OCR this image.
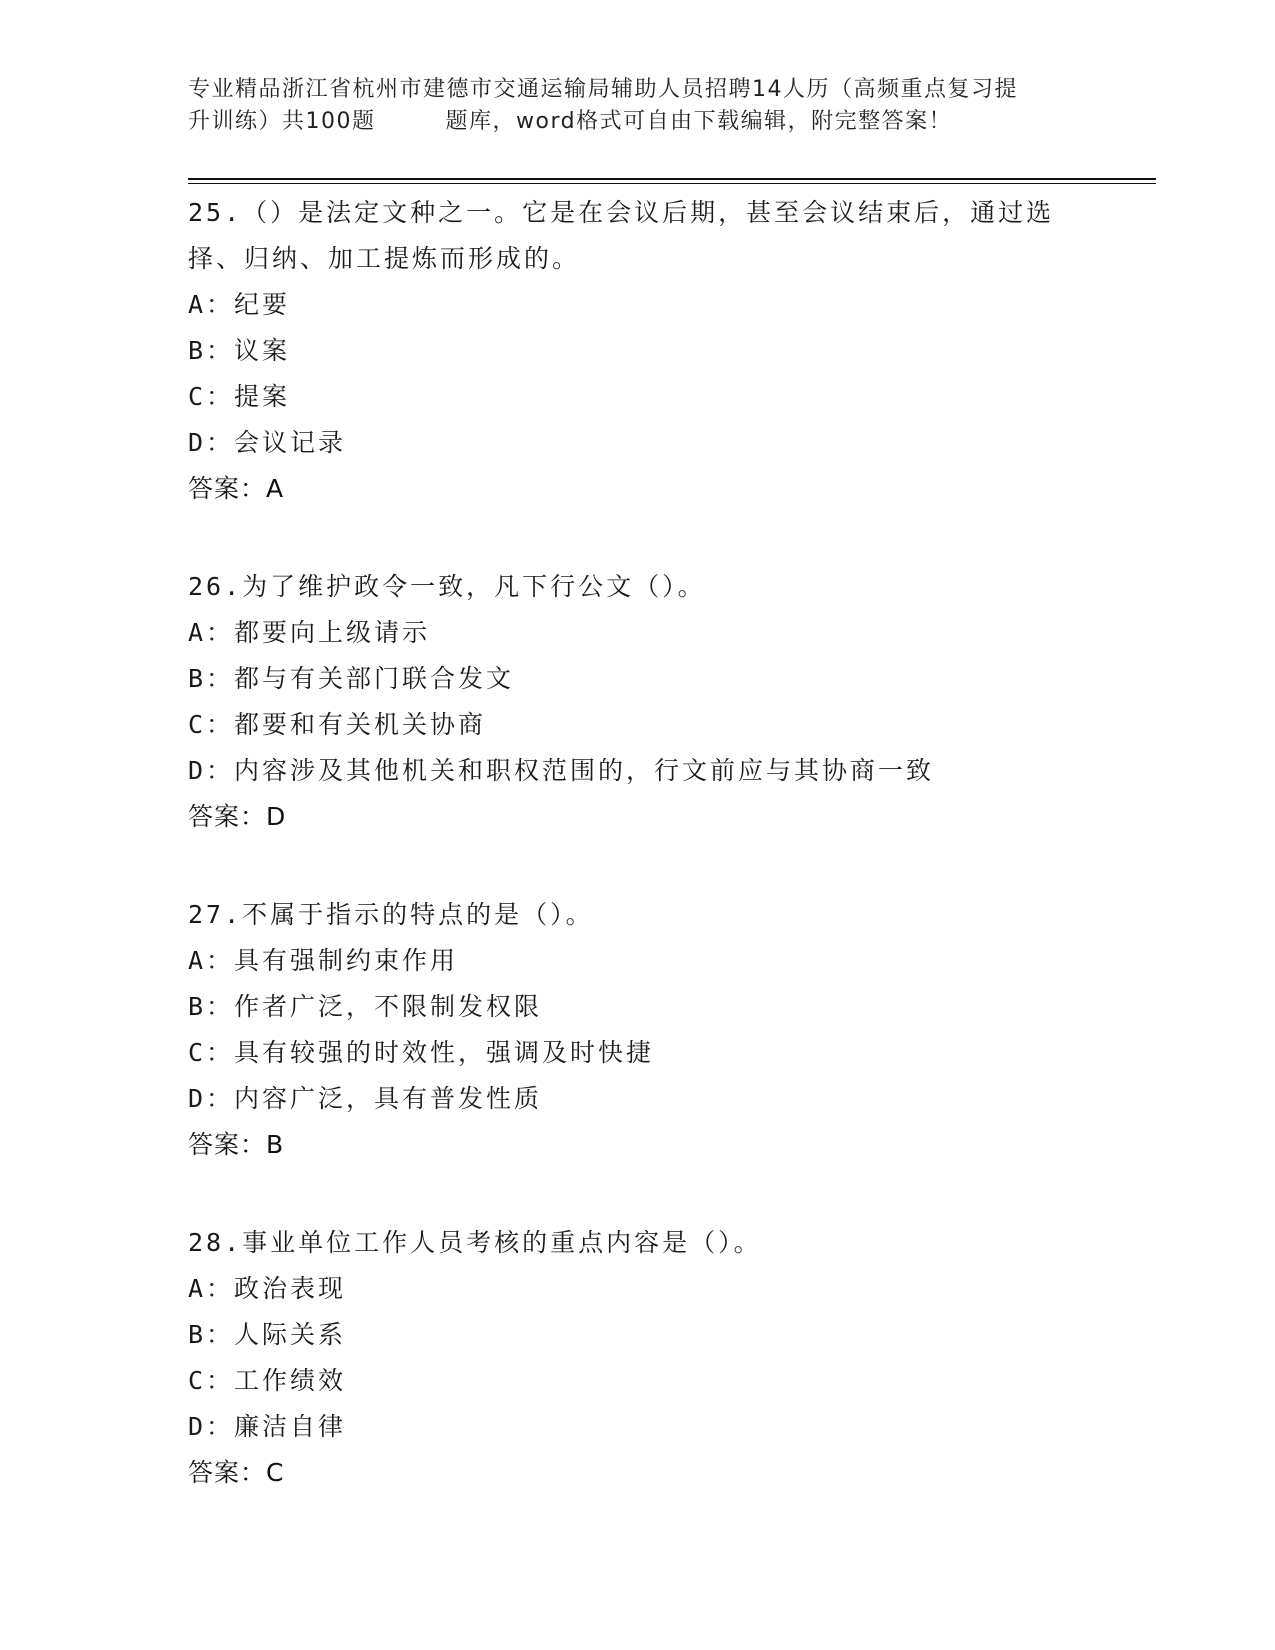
专业精品浙江省杭州市建德市交通运输局辅助人员招聘14人历（高频重点复习提
升训练）共100题	题库，word格式可自由下载编辑，附完整答案！
25.（）是法定文种之一。它是在会议后期，甚至会议结束后，通过选择、归纳、加工提炼而形成的。
A：纪要
B：议案
C：提案
D：会议记录
答案：A
26.为了维护政令一致，凡下行公文（）。
A：都要向上级请示
B：都与有关部门联合发文
C：都要和有关机关协商
D：内容涉及其他机关和职权范围的，行文前应与其协商一致
答案：D
27.不属于指示的特点的是（）。
A：具有强制约束作用
B：作者广泛，不限制发权限
C：具有较强的时效性，强调及时快捷
D：内容广泛，具有普发性质
答案：B
28.事业单位工作人员考核的重点内容是（）。
A：政治表现
B：人际关系
C：工作绩效
D：廉洁自律
答案：C
